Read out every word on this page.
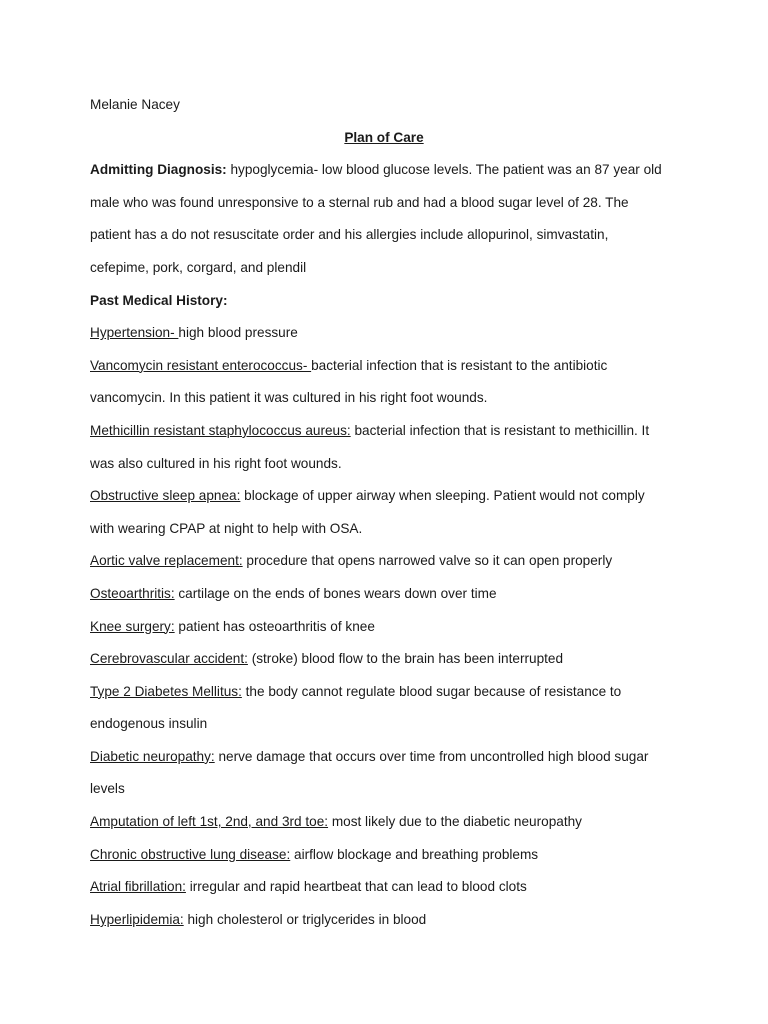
Melanie Nacey
Plan of Care
Admitting Diagnosis: hypoglycemia- low blood glucose levels. The patient was an 87 year old
male who was found unresponsive to a sternal rub and had a blood sugar level of 28. The
patient has a do not resuscitate order and his allergies include allopurinol, simvastatin,
cefepime, pork, corgard, and plendil
Past Medical History:
Hypertension- high blood pressure
Vancomycin resistant enterococcus- bacterial infection that is resistant to the antibiotic
vancomycin. In this patient it was cultured in his right foot wounds.
Methicillin resistant staphylococcus aureus: bacterial infection that is resistant to methicillin. It
was also cultured in his right foot wounds.
Obstructive sleep apnea: blockage of upper airway when sleeping. Patient would not comply
with wearing CPAP at night to help with OSA.
Aortic valve replacement: procedure that opens narrowed valve so it can open properly
Osteoarthritis: cartilage on the ends of bones wears down over time
Knee surgery: patient has osteoarthritis of knee
Cerebrovascular accident: (stroke) blood flow to the brain has been interrupted
Type 2 Diabetes Mellitus: the body cannot regulate blood sugar because of resistance to
endogenous insulin
Diabetic neuropathy: nerve damage that occurs over time from uncontrolled high blood sugar
levels
Amputation of left 1st, 2nd, and 3rd toe: most likely due to the diabetic neuropathy
Chronic obstructive lung disease: airflow blockage and breathing problems
Atrial fibrillation: irregular and rapid heartbeat that can lead to blood clots
Hyperlipidemia: high cholesterol or triglycerides in blood
